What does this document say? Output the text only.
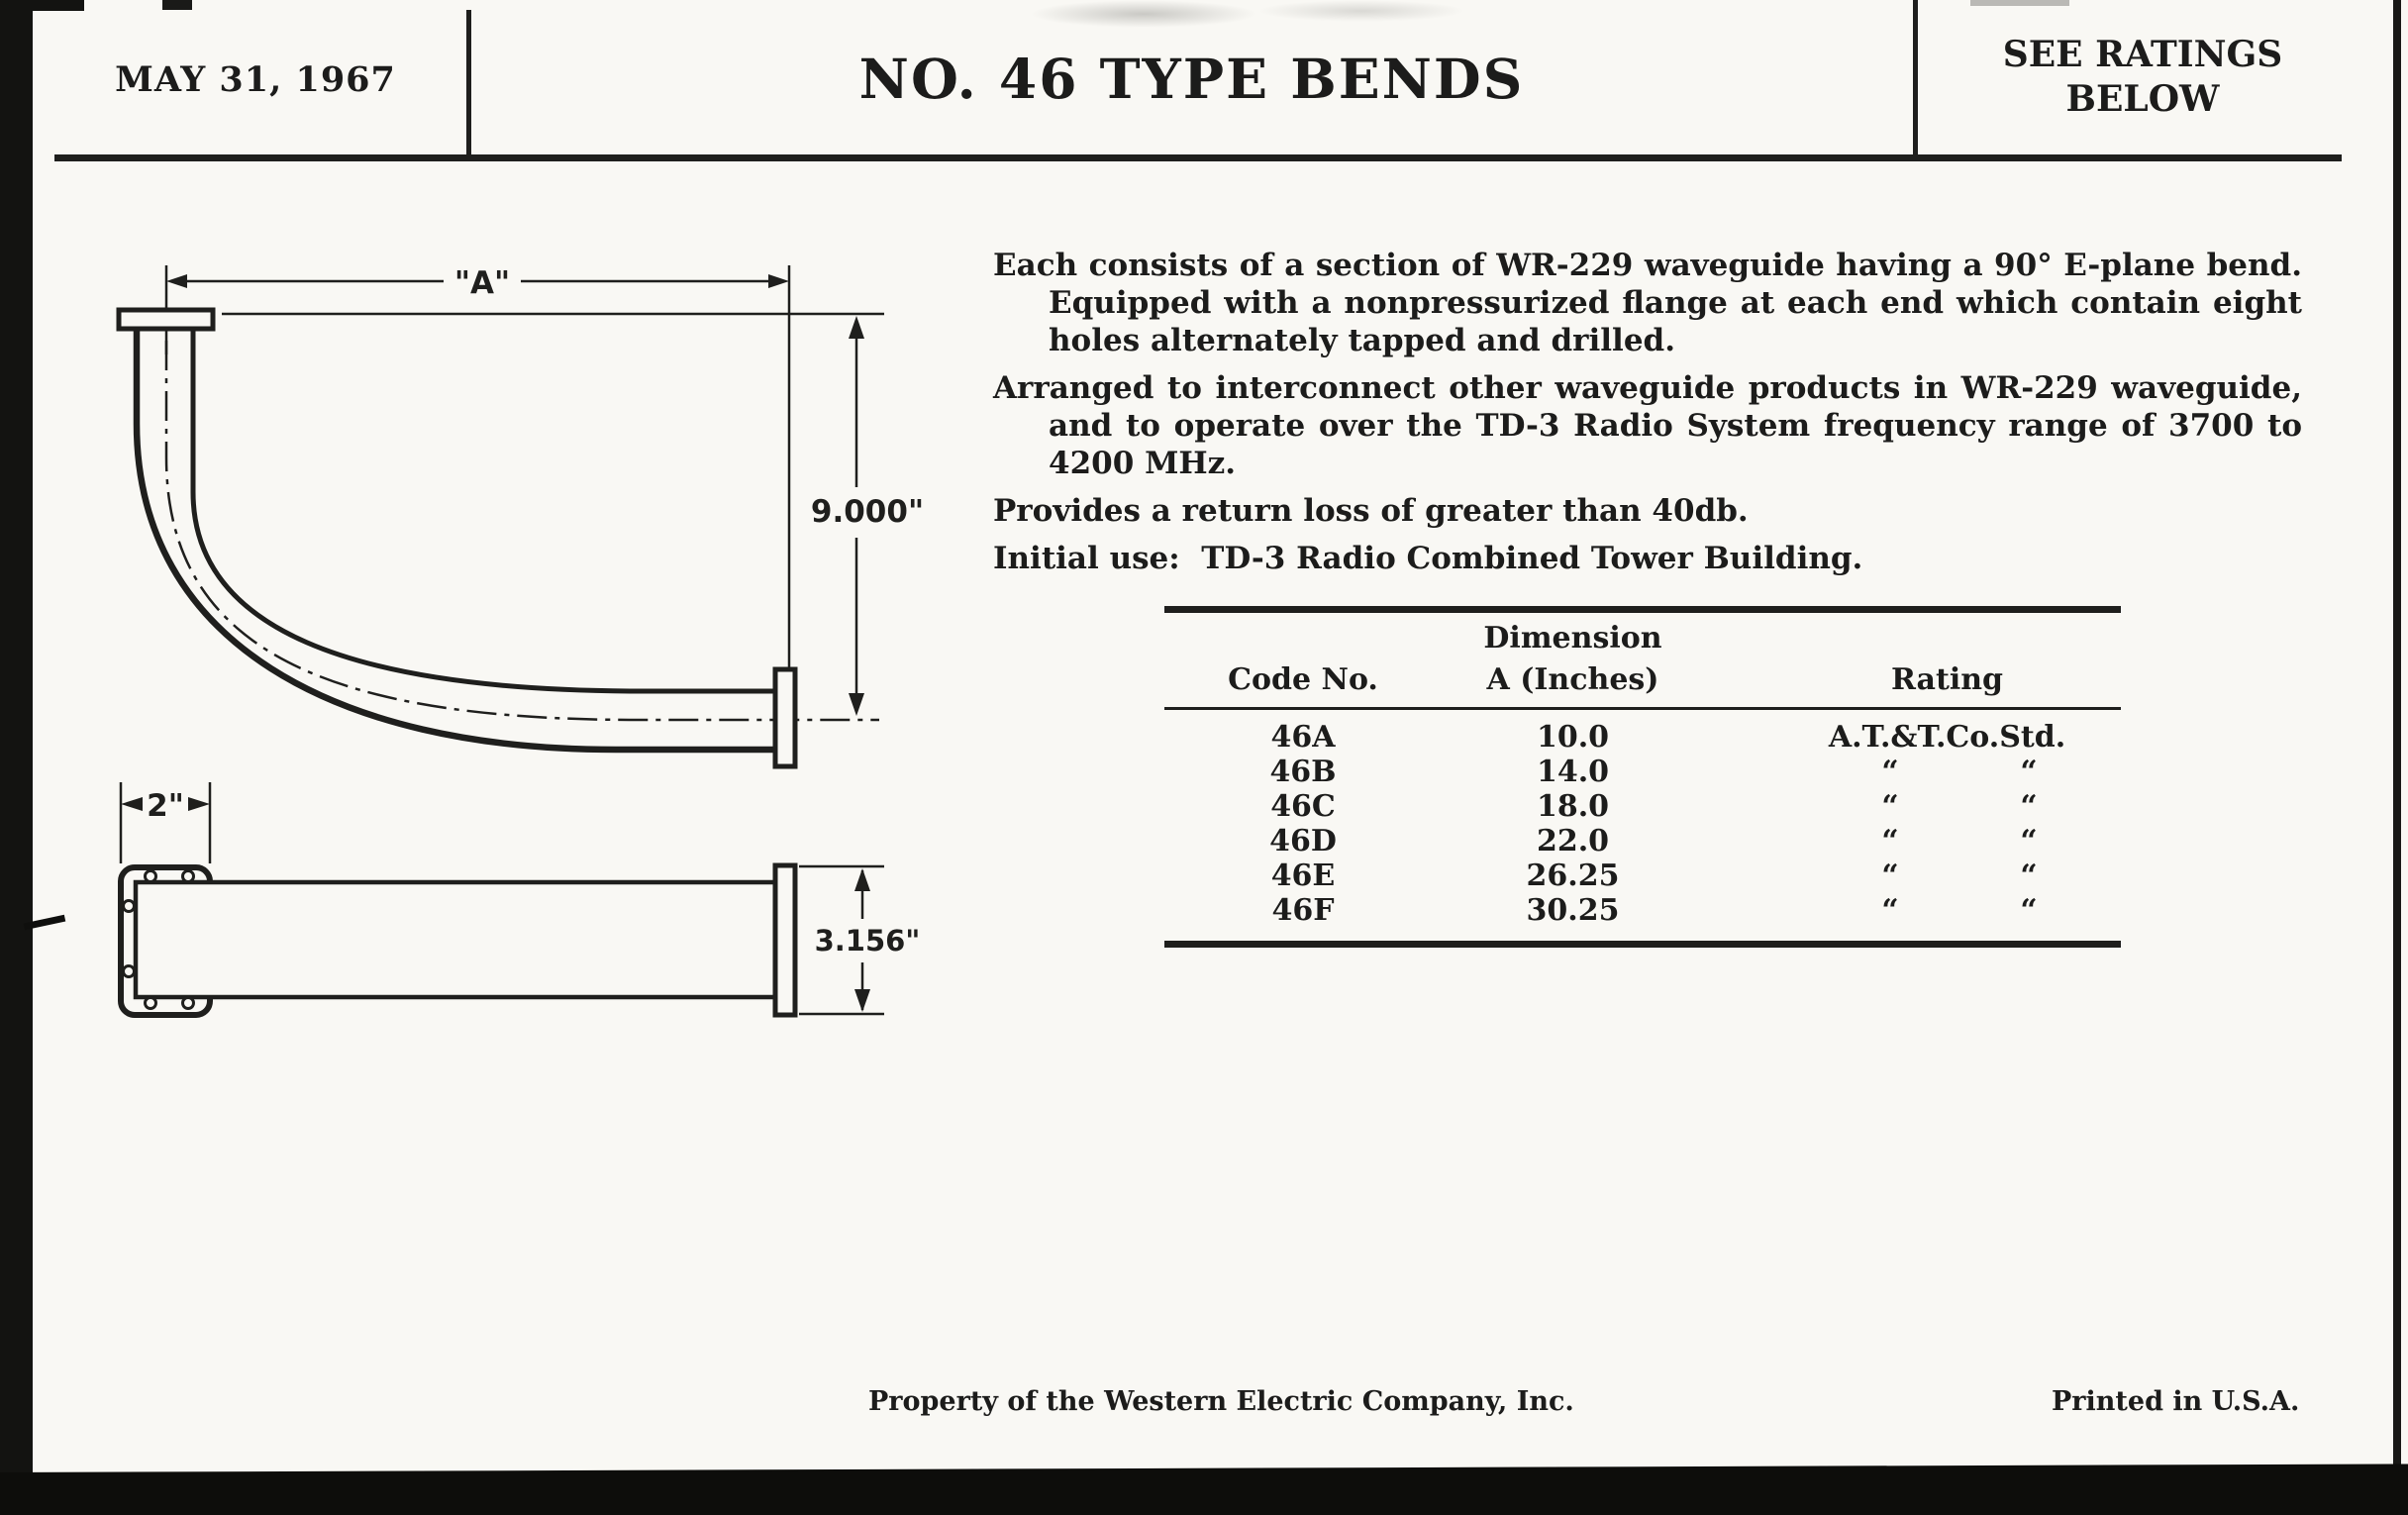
MAY 31, 1967	NO. 46 TYPE BENDS	SEE RATINGS
BELOW
"A"
9.000"
2"
3.156"
Each consists of a section of WR-229 waveguide having a 90° E-plane bend.
Equipped with a nonpressurized flange at each end which contain eight
holes alternately tapped and drilled.
Arranged to interconnect other waveguide products in WR-229 waveguide,
and to operate over the TD-3 Radio System frequency range of 3700 to
4200 MHz.
Provides a return loss of greater than 40db.
Initial use:  TD-3 Radio Combined Tower Building.
Dimension
Code No.	A (Inches)	Rating
46A	10.0	A.T.&T.Co.Std.
46B	14.0	“	“
46C	18.0	“	“
46D	22.0	“	“
46E	26.25	“	“
46F	30.25	“	“
Property of the Western Electric Company, Inc.	Printed in U.S.A.
